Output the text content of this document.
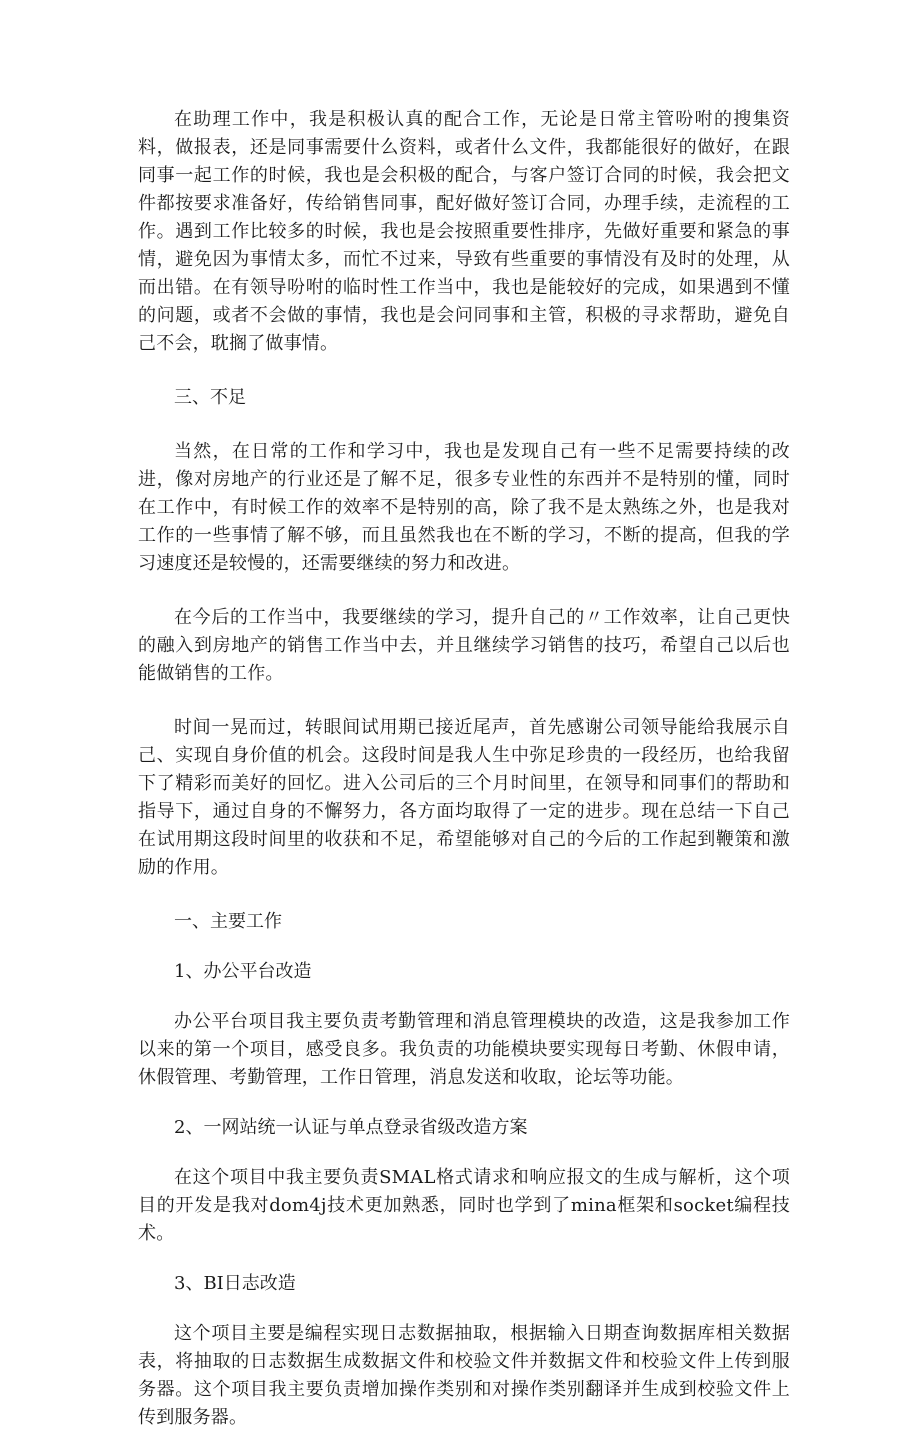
在助理工作中，我是积极认真的配合工作，无论是日常主管吩咐的搜集资料，做报表，还是同事需要什么资料，或者什么文件，我都能很好的做好，在跟同事一起工作的时候，我也是会积极的配合，与客户签订合同的时候，我会把文件都按要求准备好，传给销售同事，配好做好签订合同，办理手续，走流程的工作。遇到工作比较多的时候，我也是会按照重要性排序，先做好重要和紧急的事情，避免因为事情太多，而忙不过来，导致有些重要的事情没有及时的处理，从而出错。在有领导吩咐的临时性工作当中，我也是能较好的完成，如果遇到不懂的问题，或者不会做的事情，我也是会问同事和主管，积极的寻求帮助，避免自己不会，耽搁了做事情。

三、不足

当然，在日常的工作和学习中，我也是发现自己有一些不足需要持续的改进，像对房地产的行业还是了解不足，很多专业性的东西并不是特别的懂，同时在工作中，有时候工作的效率不是特别的高，除了我不是太熟练之外，也是我对工作的一些事情了解不够，而且虽然我也在不断的学习，不断的提高，但我的学习速度还是较慢的，还需要继续的努力和改进。

在今后的工作当中，我要继续的学习，提升自己的〃工作效率，让自己更快的融入到房地产的销售工作当中去，并且继续学习销售的技巧，希望自己以后也能做销售的工作。

时间一晃而过，转眼间试用期已接近尾声，首先感谢公司领导能给我展示自己、实现自身价值的机会。这段时间是我人生中弥足珍贵的一段经历，也给我留下了精彩而美好的回忆。进入公司后的三个月时间里，在领导和同事们的帮助和指导下，通过自身的不懈努力，各方面均取得了一定的进步。现在总结一下自己在试用期这段时间里的收获和不足，希望能够对自己的今后的工作起到鞭策和激励的作用。

一、主要工作

1、办公平台改造

办公平台项目我主要负责考勤管理和消息管理模块的改造，这是我参加工作以来的第一个项目，感受良多。我负责的功能模块要实现每日考勤、休假申请，休假管理、考勤管理，工作日管理，消息发送和收取，论坛等功能。

2、一网站统一认证与单点登录省级改造方案

在这个项目中我主要负责SMAL格式请求和响应报文的生成与解析，这个项目的开发是我对dom4j技术更加熟悉，同时也学到了mina框架和socket编程技术。

3、BI日志改造

这个项目主要是编程实现日志数据抽取，根据输入日期查询数据库相关数据表，将抽取的日志数据生成数据文件和校验文件并数据文件和校验文件上传到服务器。这个项目我主要负责增加操作类别和对操作类别翻译并生成到校验文件上传到服务器。
